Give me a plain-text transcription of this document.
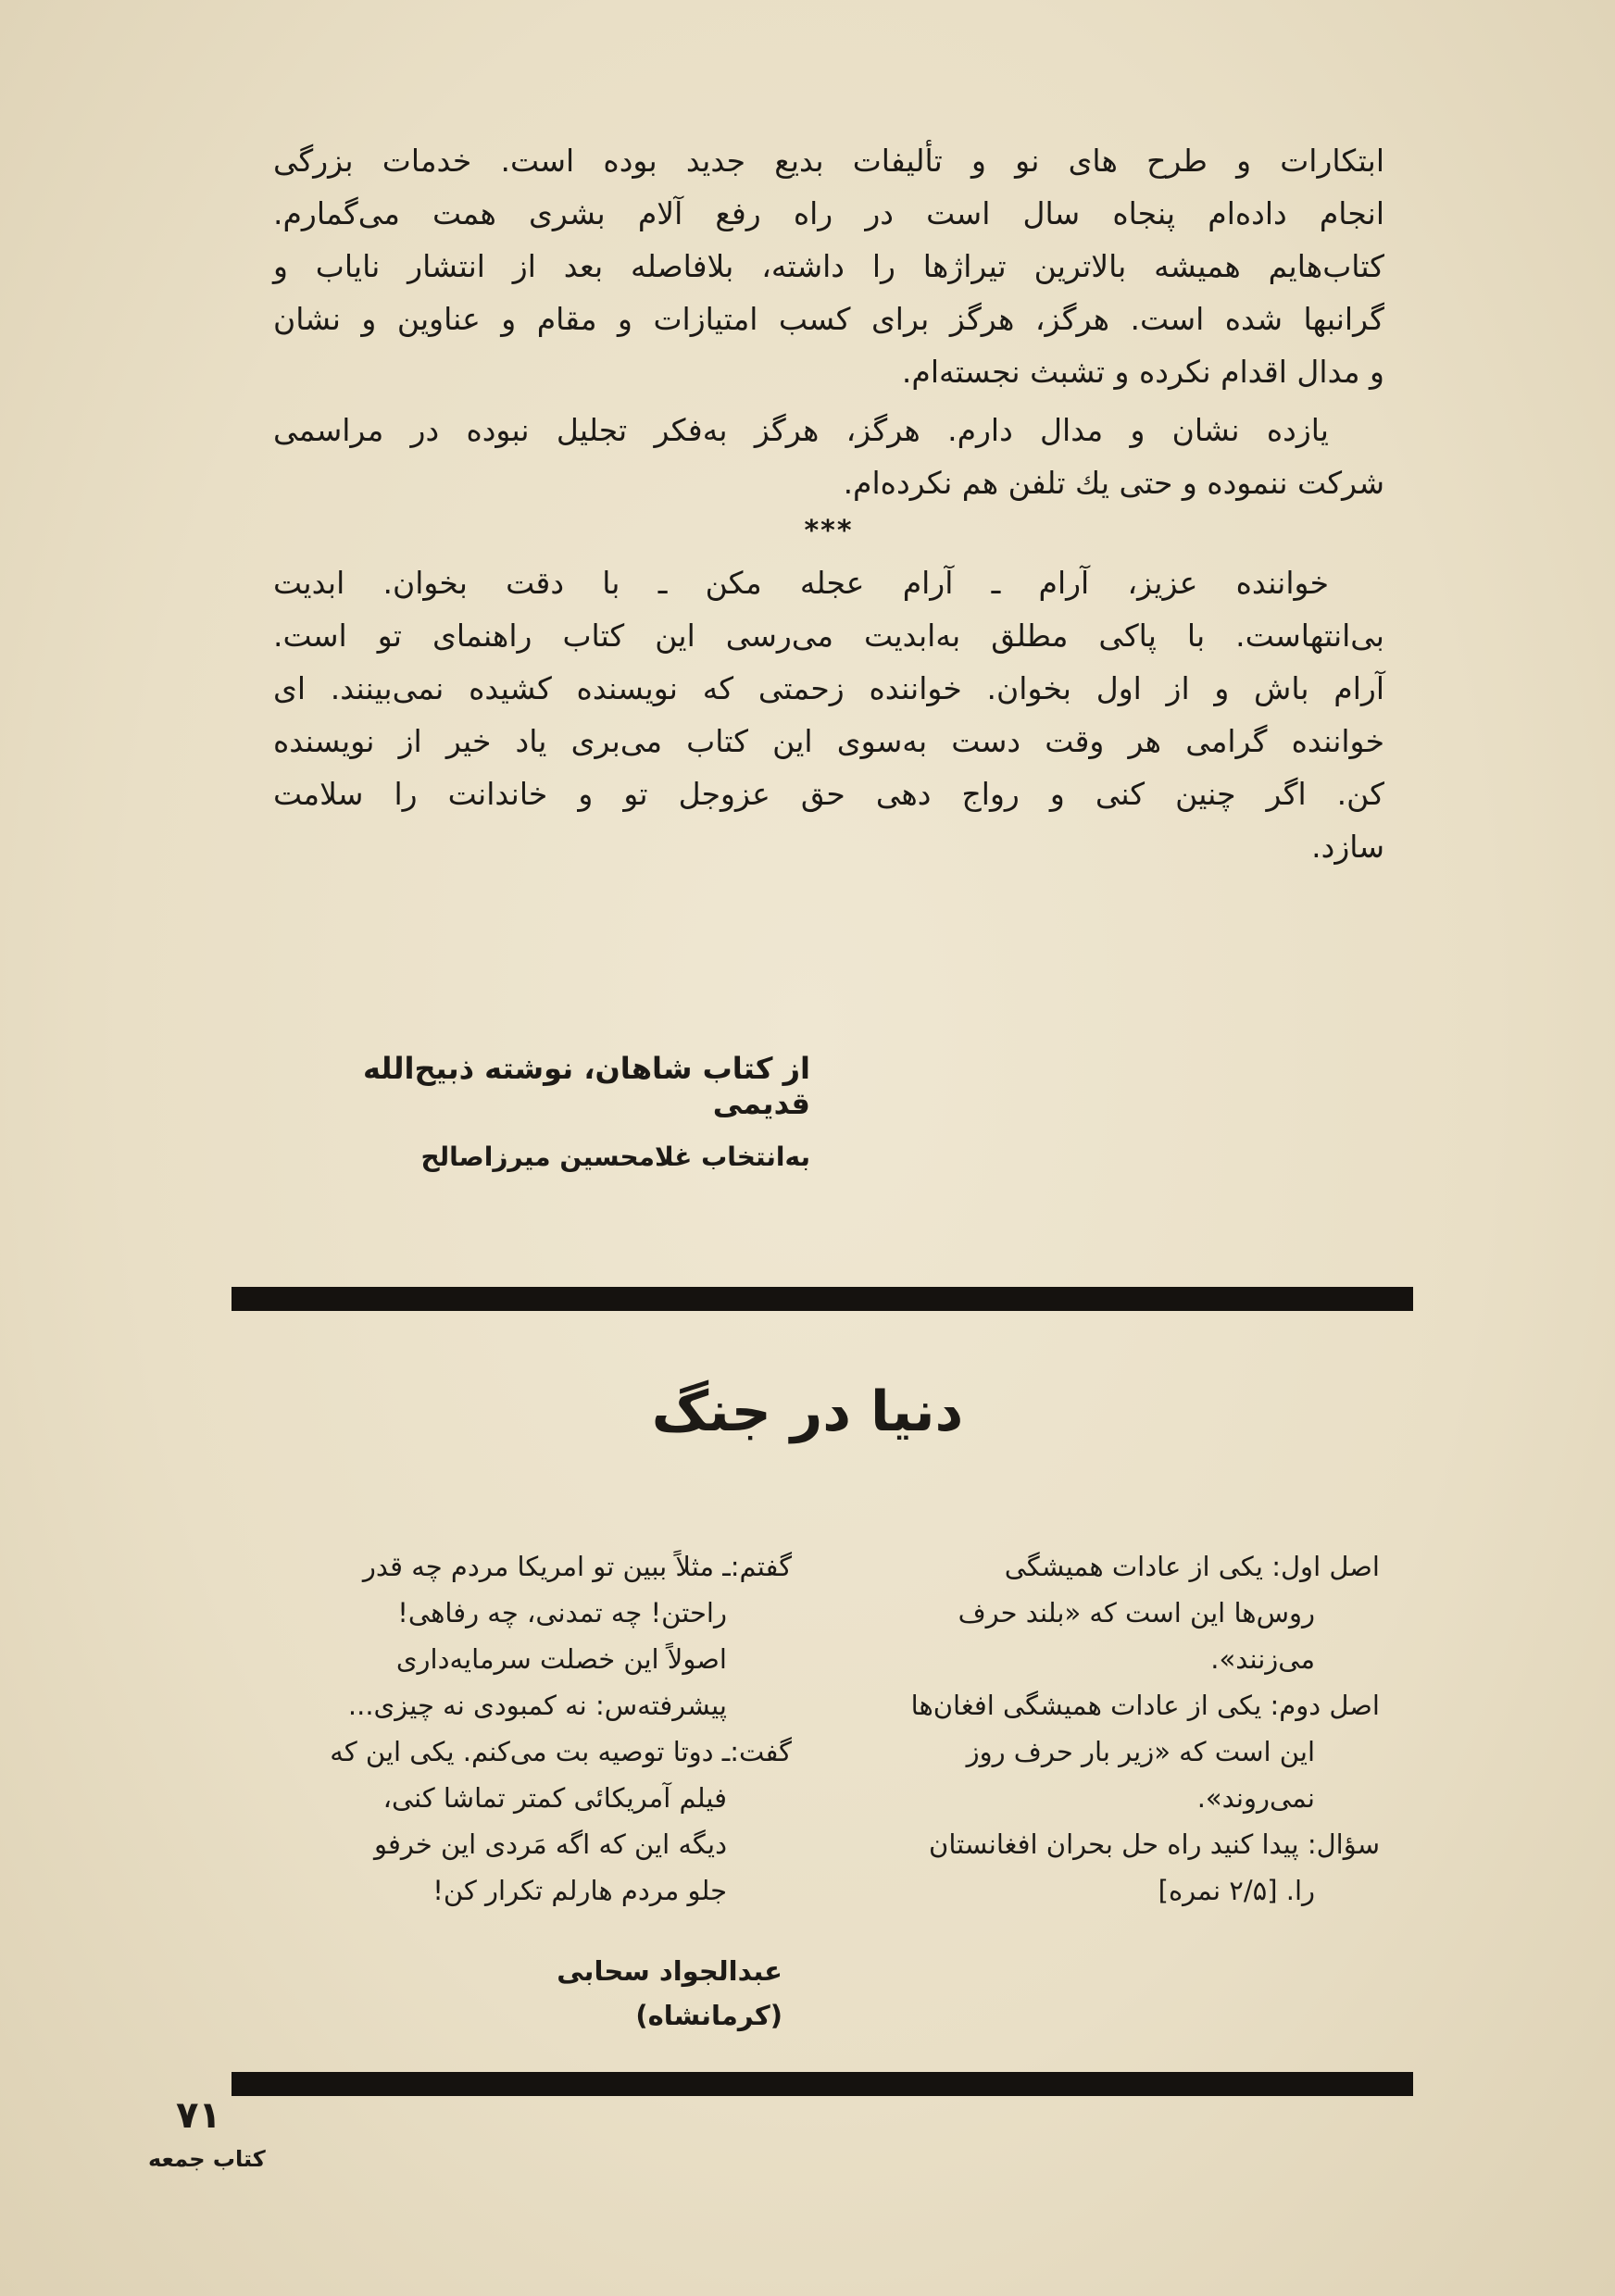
ابتکارات و طرح های نو و تألیفات بدیع جدید بوده است. خدمات بزرگی
انجام داده‌ام پنجاه سال است در راه رفع آلام بشری همت می‌گمارم.
کتاب‌هایم همیشه بالاترین تیراژها را داشته، بلافاصله بعد از انتشار نایاب و
گرانبها شده است. هرگز، هرگز برای کسب امتیازات و مقام و عناوین و نشان
و مدال اقدام نکرده و تشبث نجسته‌ام.

یازده نشان و مدال دارم. هرگز، هرگز به‌فکر تجلیل نبوده در مراسمی
شرکت ننموده و حتی یك تلفن هم نکرده‌ام.

***

خواننده عزیز، آرام ـ آرام عجله مکن ـ با دقت بخوان. ابدیت
بی‌انتهاست. با پاکی مطلق به‌ابدیت می‌رسی این کتاب راهنمای تو است.
آرام باش و از اول بخوان. خواننده زحمتی که نویسنده کشیده نمی‌بینند. ای
خواننده گرامی هر وقت دست به‌سوی این کتاب می‌بری یاد خیر از نویسنده
کن. اگر چنین کنی و رواج دهی حق عزوجل تو و خاندانت را سلامت
سازد.

از کتاب شاهان، نوشته ذبیح‌الله قدیمی
به‌انتخاب غلامحسین میرزاصالح
دنیا در جنگ
اصل اول: یکی از عادات همیشگی
روس‌ها این است که «بلند حرف
می‌زنند».
اصل دوم: یکی از عادات همیشگی افغان‌ها
این است که «زیر بار حرف روز
نمی‌روند».
سؤال: پیدا کنید راه حل بحران افغانستان
را. [۲/۵ نمره]
گفتم:ـ مثلاً ببین تو امریکا مردم چه قدر
راحتن! چه تمدنی، چه رفاهی!
اصولاً این خصلت سرمایه‌داری
پیشرفته‌س: نه کمبودی نه چیزی...
گفت:ـ دوتا توصیه بت می‌کنم. یکی این که
فیلم آمریکائی کمتر تماشا کنی،
دیگه این که اگه مَردی این خرفو
جلو مردم هارلم تکرار کن!
عبدالجواد سحابی
(کرمانشاه)
۷۱
کتاب جمعه
